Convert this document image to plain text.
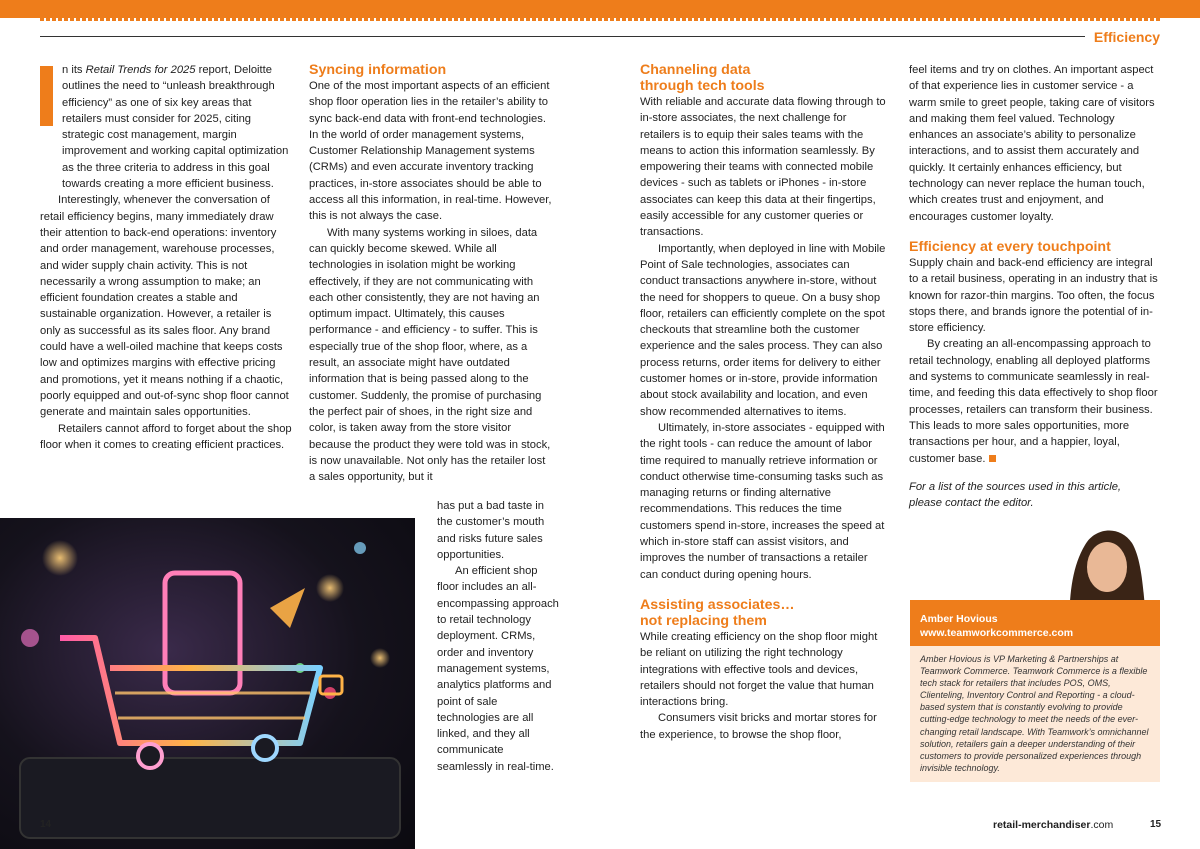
Efficiency

n its Retail Trends for 2025 report, Deloitte outlines the need to “unleash breakthrough efficiency” as one of six key areas that retailers must consider for 2025, citing strategic cost management, margin improvement and working capital optimization as the three criteria to address in this goal towards creating a more efficient business.

Interestingly, whenever the conversation of retail efficiency begins, many immediately draw their attention to back-end operations: inventory and order management, warehouse processes, and wider supply chain activity. This is not necessarily a wrong assumption to make; an efficient foundation creates a stable and sustainable organization. However, a retailer is only as successful as its sales floor. Any brand could have a well-oiled machine that keeps costs low and optimizes margins with effective pricing and promotions, yet it means nothing if a chaotic, poorly equipped and out-of-sync shop floor cannot generate and maintain sales opportunities.

Retailers cannot afford to forget about the shop floor when it comes to creating efficient practices.

Syncing information

One of the most important aspects of an efficient shop floor operation lies in the retailer’s ability to sync back-end data with front-end technologies. In the world of order management systems, Customer Relationship Management systems (CRMs) and even accurate inventory tracking practices, in-store associates should be able to access all this information, in real-time. However, this is not always the case.

With many systems working in siloes, data can quickly become skewed. While all technologies in isolation might be working effectively, if they are not communicating with each other consistently, they are not having an optimum impact. Ultimately, this causes performance - and efficiency - to suffer. This is especially true of the shop floor, where, as a result, an associate might have outdated information that is being passed along to the customer. Suddenly, the promise of purchasing the perfect pair of shoes, in the right size and color, is taken away from the store visitor because the product they were told was in stock, is now unavailable. Not only has the retailer lost a sales opportunity, but it

has put a bad taste in the customer’s mouth and risks future sales opportunities.

An efficient shop floor includes an all-encompassing approach to retail technology deployment. CRMs, order and inventory management systems, analytics platforms and point of sale technologies are all linked, and they all communicate seamlessly in real-time.

Channeling data
through tech tools

With reliable and accurate data flowing through to in-store associates, the next challenge for retailers is to equip their sales teams with the means to action this information seamlessly. By empowering their teams with connected mobile devices - such as tablets or iPhones - in-store associates can keep this data at their fingertips, easily accessible for any customer queries or transactions.

Importantly, when deployed in line with Mobile Point of Sale technologies, associates can conduct transactions anywhere in-store, without the need for shoppers to queue. On a busy shop floor, retailers can efficiently complete on the spot checkouts that streamline both the customer experience and the sales process. They can also process returns, order items for delivery to either customer homes or in-store, provide information about stock availability and location, and even show recommended alternatives to items.

Ultimately, in-store associates - equipped with the right tools - can reduce the amount of labor time required to manually retrieve information or conduct otherwise time-consuming tasks such as managing returns or finding alternative recommendations. This reduces the time customers spend in-store, increases the speed at which in-store staff can assist visitors, and improves the number of transactions a retailer can conduct during opening hours.

Assisting associates…
not replacing them

While creating efficiency on the shop floor might be reliant on utilizing the right technology integrations with effective tools and devices, retailers should not forget the value that human interactions bring.

Consumers visit bricks and mortar stores for the experience, to browse the shop floor,

feel items and try on clothes. An important aspect of that experience lies in customer service - a warm smile to greet people, taking care of visitors and making them feel valued. Technology enhances an associate’s ability to personalize interactions, and to assist them accurately and quickly. It certainly enhances efficiency, but technology can never replace the human touch, which creates trust and enjoyment, and encourages customer loyalty.

Efficiency at every touchpoint

Supply chain and back-end efficiency are integral to a retail business, operating in an industry that is known for razor-thin margins. Too often, the focus stops there, and brands ignore the potential of in-store efficiency.

By creating an all-encompassing approach to retail technology, enabling all deployed platforms and systems to communicate seamlessly in real-time, and feeding this data effectively to shop floor processes, retailers can transform their business. This leads to more sales opportunities, more transactions per hour, and a happier, loyal, customer base.

For a list of the sources used in this article, please contact the editor.

Amber Hovious
www.teamworkcommerce.com
Amber Hovious is VP Marketing & Partnerships at Teamwork Commerce. Teamwork Commerce is a flexible tech stack for retailers that includes POS, OMS, Clienteling, Inventory Control and Reporting - a cloud-based system that is constantly evolving to provide cutting-edge technology to meet the needs of the ever-changing retail landscape. With Teamwork’s omnichannel solution, retailers gain a deeper understanding of their customers to provide personalized experiences through invisible technology.
14	retail-merchandiser.com	15
